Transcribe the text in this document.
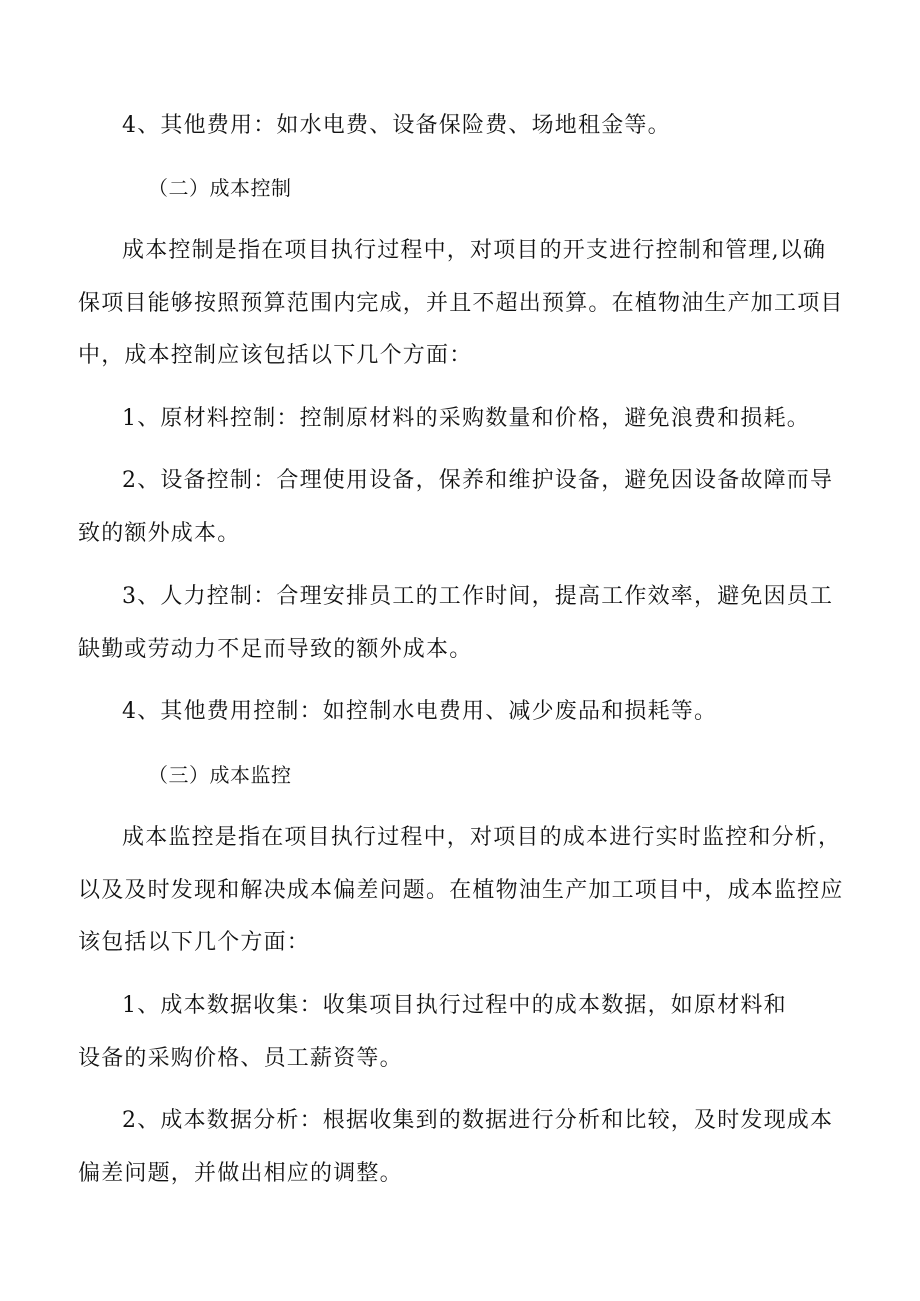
4、其他费用：如水电费、设备保险费、场地租金等。
（二）成本控制
成本控制是指在项目执行过程中，对项目的开支进行控制和管理,以确
保项目能够按照预算范围内完成，并且不超出预算。在植物油生产加工项目
中，成本控制应该包括以下几个方面：
1、原材料控制：控制原材料的采购数量和价格，避免浪费和损耗。
2、设备控制：合理使用设备，保养和维护设备，避免因设备故障而导
致的额外成本。
3、人力控制：合理安排员工的工作时间，提高工作效率，避免因员工
缺勤或劳动力不足而导致的额外成本。
4、其他费用控制：如控制水电费用、减少废品和损耗等。
（三）成本监控
成本监控是指在项目执行过程中，对项目的成本进行实时监控和分析，
以及及时发现和解决成本偏差问题。在植物油生产加工项目中，成本监控应
该包括以下几个方面：
1、成本数据收集：收集项目执行过程中的成本数据，如原材料和
设备的采购价格、员工薪资等。
2、成本数据分析：根据收集到的数据进行分析和比较，及时发现成本
偏差问题，并做出相应的调整。
